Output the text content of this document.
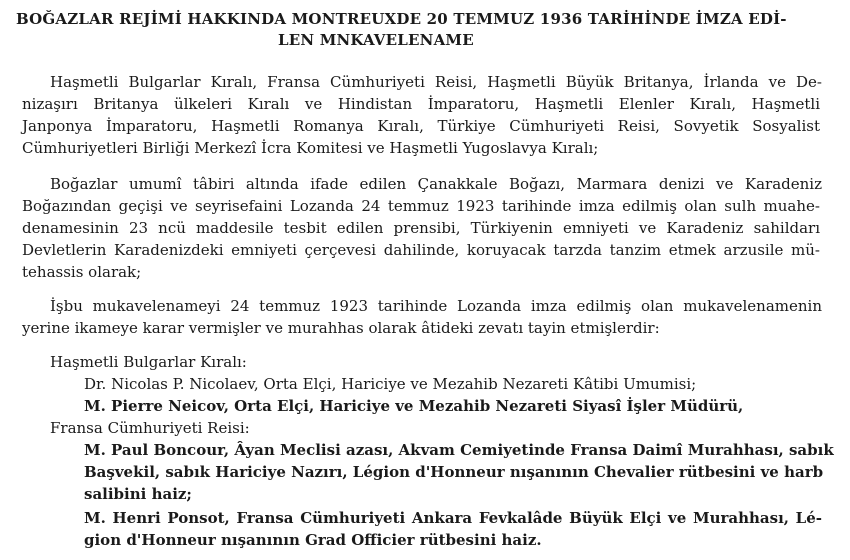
BOĞAZLAR REJİMİ HAKKINDA MONTREUXDE 20 TEMMUZ 1936 TARİHİNDE İMZA EDİ-
LEN MNKAVELENAME
Haşmetli Bulgarlar Kıralı, Fransa Cümhuriyeti Reisi, Haşmetli Büyük Britanya, İrlanda ve De-
nizaşırı Britanya ülkeleri Kıralı ve Hindistan İmparatoru, Haşmetli Elenler Kıralı, Haşmetli
Janponya İmparatoru, Haşmetli Romanya Kıralı, Türkiye Cümhuriyeti Reisi, Sovyetik Sosyalist
Cümhuriyetleri Birliği Merkezî İcra Komitesi ve Haşmetli Yugoslavya Kıralı;
Boğazlar umumî tâbiri altında ifade edilen Çanakkale Boğazı, Marmara denizi ve Karadeniz
Boğazından geçişi ve seyrisefaini Lozanda 24 temmuz 1923 tarihinde imza edilmiş olan sulh muahe-
denamesinin 23 ncü maddesile tesbit edilen prensibi, Türkiyenin emniyeti ve Karadeniz sahildarı
Devletlerin Karadenizdeki emniyeti çerçevesi dahilinde, koruyacak tarzda tanzim etmek arzusile mü-
tehassis olarak;
İşbu mukavelenameyi 24 temmuz 1923 tarihinde Lozanda imza edilmiş olan mukavelenamenin
yerine ikameye karar vermişler ve murahhas olarak âtideki zevatı tayin etmişlerdir:
Haşmetli Bulgarlar Kıralı:
Dr. Nicolas P. Nicolaev, Orta Elçi, Hariciye ve Mezahib Nezareti Kâtibi Umumisi;
M. Pierre Neicov, Orta Elçi, Hariciye ve Mezahib Nezareti Siyasî İşler Müdürü,
Fransa Cümhuriyeti Reisi:
M. Paul Boncour, Âyan Meclisi azası, Akvam Cemiyetinde Fransa Daimî Murahhası, sabık
Başvekil, sabık Hariciye Nazırı, Légion d'Honneur nışanının Chevalier rütbesini ve harb
salibini haiz;
M. Henri Ponsot, Fransa Cümhuriyeti Ankara Fevkalâde Büyük Elçi ve Murahhası, Lé-
gion d'Honneur nışanının Grad Officier rütbesini haiz.
